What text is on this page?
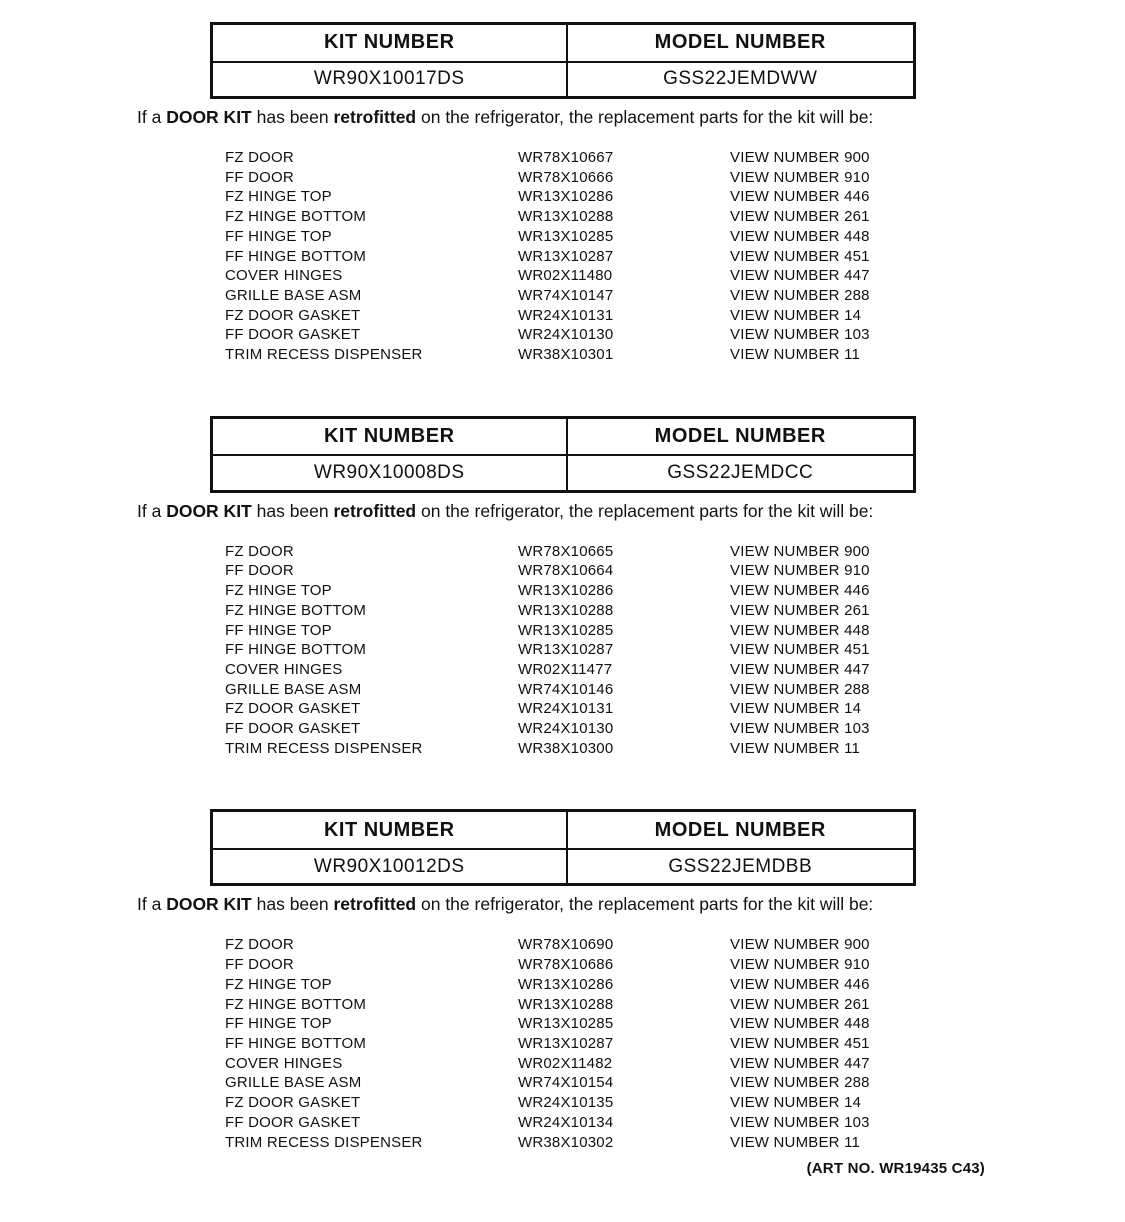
KIT NUMBER	MODEL NUMBER
WR90X10017DS	GSS22JEMDWW

If a DOOR KIT has been retrofitted on the refrigerator, the replacement parts for the kit will be:

FZ DOOR	WR78X10667	VIEW NUMBER 900
FF DOOR	WR78X10666	VIEW NUMBER 910
FZ HINGE TOP	WR13X10286	VIEW NUMBER 446
FZ HINGE BOTTOM	WR13X10288	VIEW NUMBER 261
FF HINGE TOP	WR13X10285	VIEW NUMBER 448
FF HINGE BOTTOM	WR13X10287	VIEW NUMBER 451
COVER HINGES	WR02X11480	VIEW NUMBER 447
GRILLE BASE ASM	WR74X10147	VIEW NUMBER 288
FZ DOOR GASKET	WR24X10131	VIEW NUMBER 14
FF DOOR GASKET	WR24X10130	VIEW NUMBER 103
TRIM RECESS DISPENSER	WR38X10301	VIEW NUMBER 11
KIT NUMBER	MODEL NUMBER
WR90X10008DS	GSS22JEMDCC

If a DOOR KIT has been retrofitted on the refrigerator, the replacement parts for the kit will be:

FZ DOOR	WR78X10665	VIEW NUMBER 900
FF DOOR	WR78X10664	VIEW NUMBER 910
FZ HINGE TOP	WR13X10286	VIEW NUMBER 446
FZ HINGE BOTTOM	WR13X10288	VIEW NUMBER 261
FF HINGE TOP	WR13X10285	VIEW NUMBER 448
FF HINGE BOTTOM	WR13X10287	VIEW NUMBER 451
COVER HINGES	WR02X11477	VIEW NUMBER 447
GRILLE BASE ASM	WR74X10146	VIEW NUMBER 288
FZ DOOR GASKET	WR24X10131	VIEW NUMBER 14
FF DOOR GASKET	WR24X10130	VIEW NUMBER 103
TRIM RECESS DISPENSER	WR38X10300	VIEW NUMBER 11
KIT NUMBER	MODEL NUMBER
WR90X10012DS	GSS22JEMDBB

If a DOOR KIT has been retrofitted on the refrigerator, the replacement parts for the kit will be:

FZ DOOR	WR78X10690	VIEW NUMBER 900
FF DOOR	WR78X10686	VIEW NUMBER 910
FZ HINGE TOP	WR13X10286	VIEW NUMBER 446
FZ HINGE BOTTOM	WR13X10288	VIEW NUMBER 261
FF HINGE TOP	WR13X10285	VIEW NUMBER 448
FF HINGE BOTTOM	WR13X10287	VIEW NUMBER 451
COVER HINGES	WR02X11482	VIEW NUMBER 447
GRILLE BASE ASM	WR74X10154	VIEW NUMBER 288
FZ DOOR GASKET	WR24X10135	VIEW NUMBER 14
FF DOOR GASKET	WR24X10134	VIEW NUMBER 103
TRIM RECESS DISPENSER	WR38X10302	VIEW NUMBER 11
(ART NO. WR19435 C43)
